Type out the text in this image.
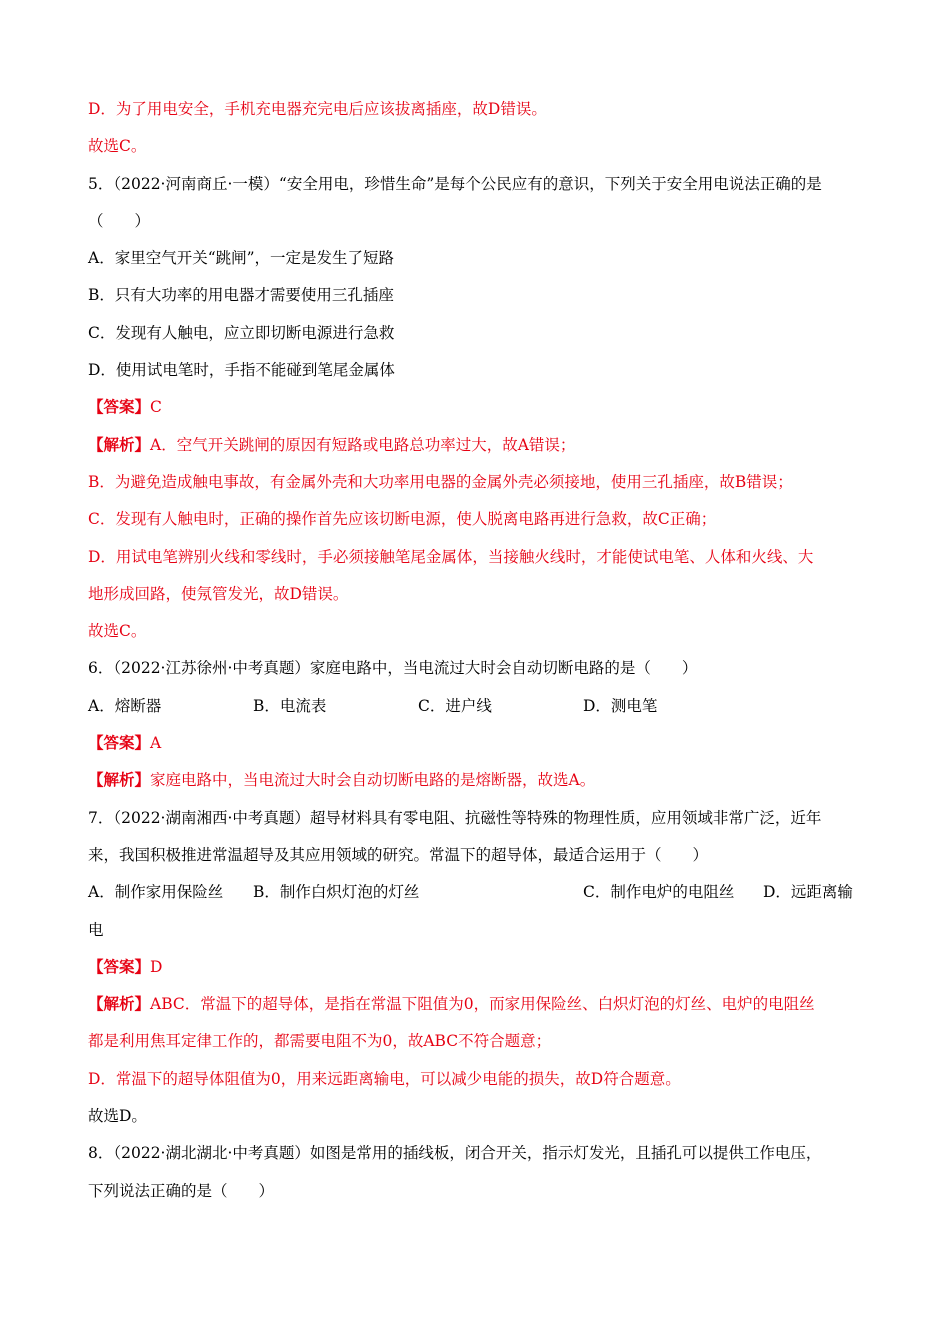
D．为了用电安全，手机充电器充完电后应该拔离插座，故D错误。
故选C。
5．（2022·河南商丘·一模）“安全用电，珍惜生命”是每个公民应有的意识，下列关于安全用电说法正确的是
（　　）
A．家里空气开关“跳闸”，一定是发生了短路
B．只有大功率的用电器才需要使用三孔插座
C．发现有人触电，应立即切断电源进行急救
D．使用试电笔时，手指不能碰到笔尾金属体
【答案】C
【解析】A．空气开关跳闸的原因有短路或电路总功率过大，故A错误；
B．为避免造成触电事故，有金属外壳和大功率用电器的金属外壳必须接地，使用三孔插座，故B错误；
C．发现有人触电时，正确的操作首先应该切断电源，使人脱离电路再进行急救，故C正确；
D．用试电笔辨别火线和零线时，手必须接触笔尾金属体，当接触火线时，才能使试电笔、人体和火线、大
地形成回路，使氖管发光，故D错误。
故选C。
6．（2022·江苏徐州·中考真题）家庭电路中，当电流过大时会自动切断电路的是（　　）
A．熔断器	B．电流表	C．进户线	D．测电笔
【答案】A
【解析】家庭电路中，当电流过大时会自动切断电路的是熔断器，故选A。
7．（2022·湖南湘西·中考真题）超导材料具有零电阻、抗磁性等特殊的物理性质，应用领域非常广泛，近年
来，我国积极推进常温超导及其应用领域的研究。常温下的超导体，最适合运用于（　　）
A．制作家用保险丝	B．制作白炽灯泡的灯丝	C．制作电炉的电阻丝	D．远距离输
电
【答案】D
【解析】ABC．常温下的超导体，是指在常温下阻值为0，而家用保险丝、白炽灯泡的灯丝、电炉的电阻丝
都是利用焦耳定律工作的，都需要电阻不为0，故ABC不符合题意；
D．常温下的超导体阻值为0，用来远距离输电，可以减少电能的损失，故D符合题意。
故选D。
8．（2022·湖北湖北·中考真题）如图是常用的插线板，闭合开关，指示灯发光，且插孔可以提供工作电压，
下列说法正确的是（　　）
